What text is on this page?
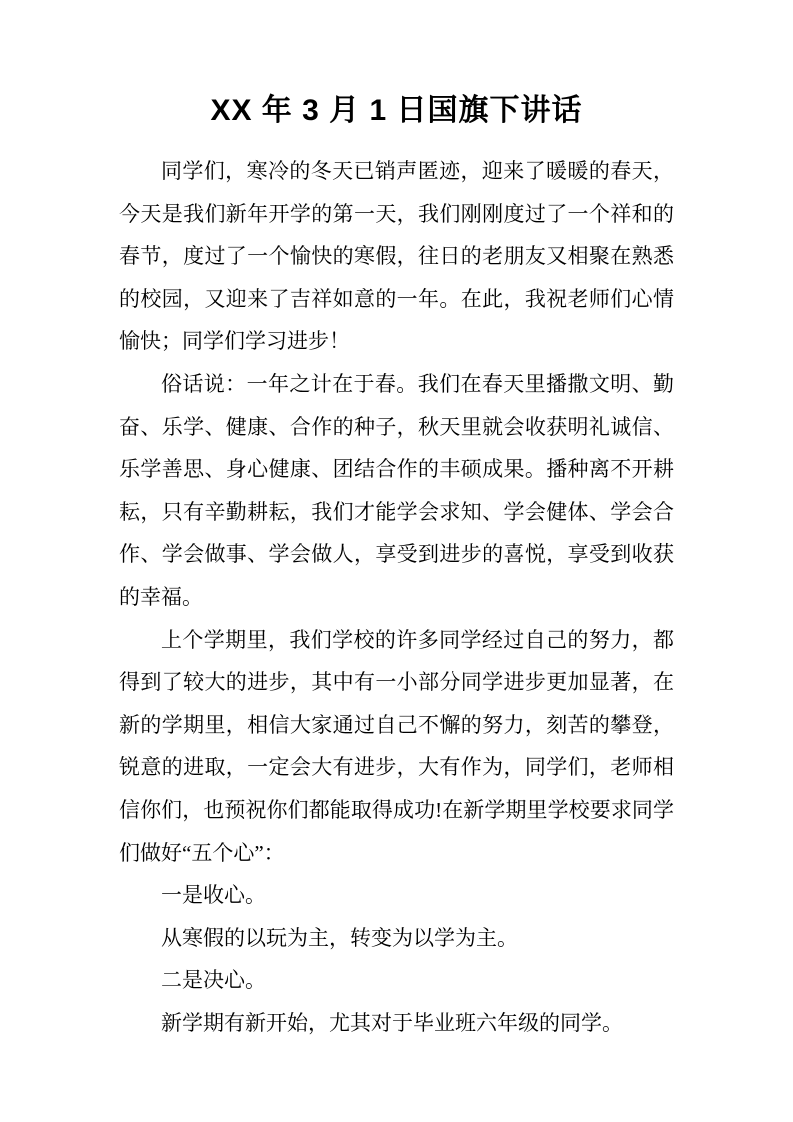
XX 年 3 月 1 日国旗下讲话

同学们，寒冷的冬天已销声匿迹，迎来了暖暖的春天，今天是我们新年开学的第一天，我们刚刚度过了一个祥和的春节，度过了一个愉快的寒假，往日的老朋友又相聚在熟悉的校园，又迎来了吉祥如意的一年。在此，我祝老师们心情愉快；同学们学习进步！

俗话说：一年之计在于春。我们在春天里播撒文明、勤奋、乐学、健康、合作的种子，秋天里就会收获明礼诚信、乐学善思、身心健康、团结合作的丰硕成果。播种离不开耕耘，只有辛勤耕耘，我们才能学会求知、学会健体、学会合作、学会做事、学会做人，享受到进步的喜悦，享受到收获的幸福。

上个学期里，我们学校的许多同学经过自己的努力，都得到了较大的进步，其中有一小部分同学进步更加显著，在新的学期里，相信大家通过自己不懈的努力，刻苦的攀登，锐意的进取，一定会大有进步，大有作为，同学们，老师相信你们，也预祝你们都能取得成功!在新学期里学校要求同学们做好“五个心”：

一是收心。

从寒假的以玩为主，转变为以学为主。

二是决心。

新学期有新开始，尤其对于毕业班六年级的同学。
